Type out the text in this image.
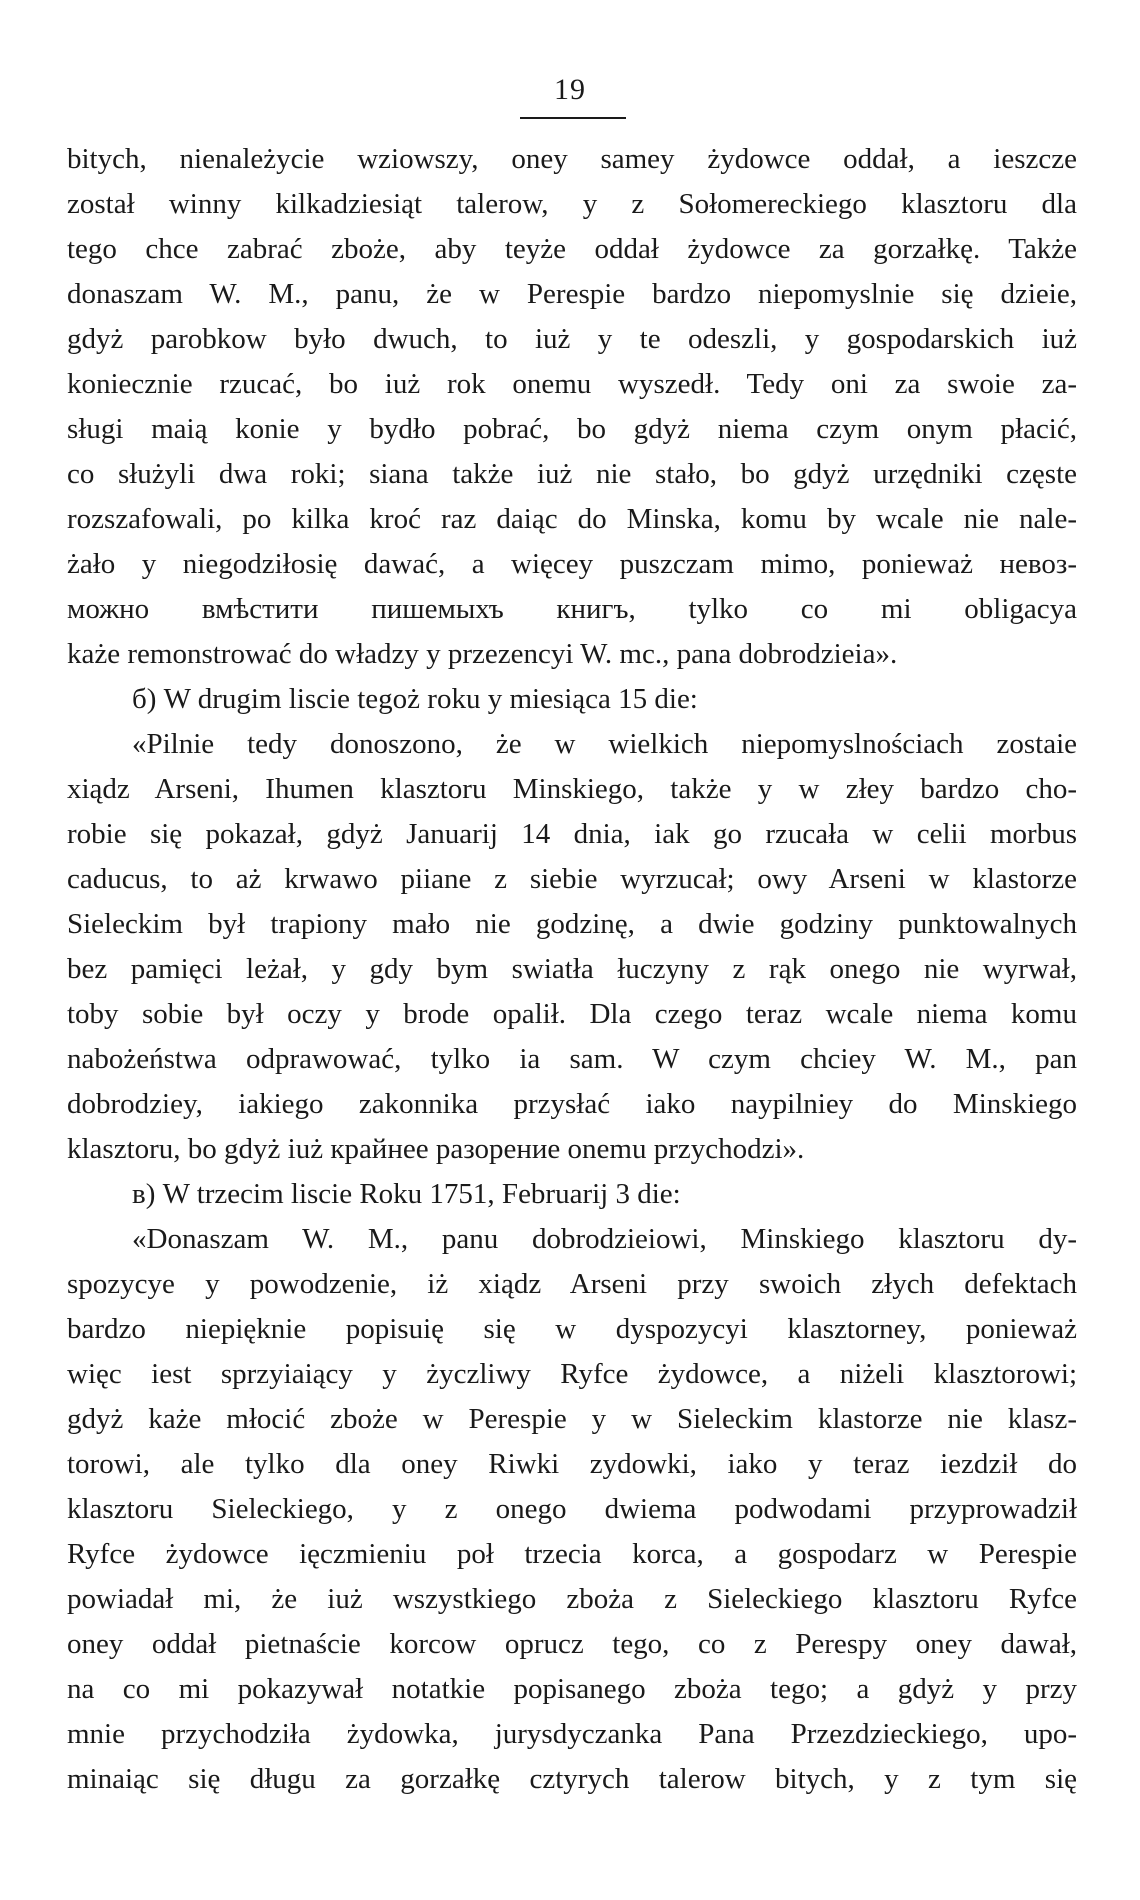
19
bitych, nienależycie wziowszy, oney samey żydowce oddał, a ieszcze
został winny kilkadziesiąt talerow, y z Sołomereckiego klasztoru dla
tego chce zabrać zboże, aby teyże oddał żydowce za gorzałkę. Także
donaszam W. M., panu, że w Perespie bardzo niepomyslnie się dzieie,
gdyż parobkow było dwuch, to iuż y te odeszli, y gospodarskich iuż
koniecznie rzucać, bo iuż rok onemu wyszedł. Tedy oni za swoie za-
sługi maią konie y bydło pobrać, bo gdyż niema czym onym płacić,
co służyli dwa roki; siana także iuż nie stało, bo gdyż urzędniki częste
rozszafowali, po kilka kroć raz daiąc do Minska, komu by wcale nie nale-
żało y niegodziłosię dawać, a więcey puszczam mimo, ponieważ невоз-
можно вмѣстити пишемыхъ книгъ, tylko co mi obligacya
każe remonstrować do władzy y przezencyi W. mc., pana dobrodzieia».
б) W drugim liscie tegoż roku y miesiąca 15 die:
«Pilnie tedy donoszono, że w wielkich niepomyslnościach zostaie
xiądz Arseni, Ihumen klasztoru Minskiego, także y w złey bardzo cho-
robie się pokazał, gdyż Januarij 14 dnia, iak go rzucała w celii morbus
caducus, to aż krwawo piiane z siebie wyrzucał; owy Arseni w klastorze
Sieleckim był trapiony mało nie godzinę, a dwie godziny punktowalnych
bez pamięci leżał, y gdy bym swiatła łuczyny z rąk onego nie wyrwał,
toby sobie był oczy y brode opalił. Dla czego teraz wcale niema komu
nabożeństwa odprawować, tylko ia sam. W czym chciey W. M., pan
dobrodziey, iakiego zakonnika przysłać iako naypilniey do Minskiego
klasztoru, bo gdyż iuż крайнее разорение onemu przychodzi».
в) W trzecim liscie Roku 1751, Februarij 3 die:
«Donaszam W. M., panu dobrodzieiowi, Minskiego klasztoru dy-
spozycye y powodzenie, iż xiądz Arseni przy swoich złych defektach
bardzo niepięknie popisuię się w dyspozycyi klasztorney, ponieważ
więc iest sprzyiaiący y życzliwy Ryfce żydowce, a niżeli klasztorowi;
gdyż każe młocić zboże w Perespie y w Sieleckim klastorze nie klasz-
torowi, ale tylko dla oney Riwki zydowki, iako y teraz iezdził do
klasztoru Sieleckiego, y z onego dwiema podwodami przyprowadził
Ryfce żydowce ięczmieniu poł trzecia korca, a gospodarz w Perespie
powiadał mi, że iuż wszystkiego zboża z Sieleckiego klasztoru Ryfce
oney oddał pietnaście korcow oprucz tego, co z Perespy oney dawał,
na co mi pokazywał notatkie popisanego zboża tego; a gdyż y przy
mnie przychodziła żydowka, jurysdyczanka Pana Przezdzieckiego, upo-
minaiąc się długu za gorzałkę cztyrych talerow bitych, y z tym się
